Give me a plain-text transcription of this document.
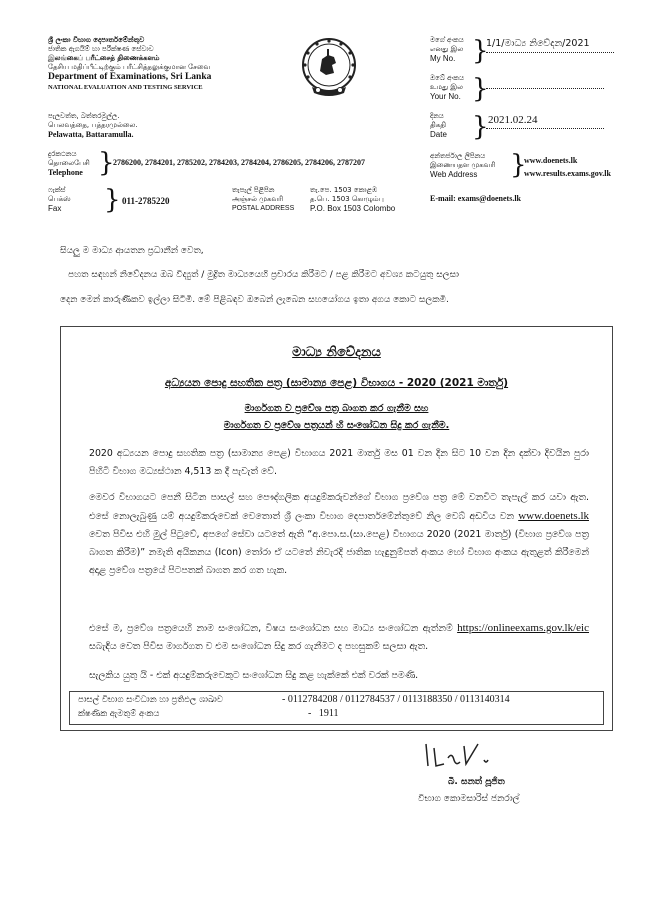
ශ්‍රී ලංකා විභාග දෙපාර්තමේන්තුව
ජාතික ඇගයීම් හා පරීක්ෂණ සේවාව
இலங்கைப் பரீட்சைத் திணைக்களம்
தேசிய மதிப்பீட்டிற்கும் பரீட்சித்தலுக்குமான சேவை
Department of Examinations, Sri Lanka
NATIONAL EVALUATION AND TESTING SERVICE
පැලවත්ත, බත්තරමුල්ල.
பெலவத்தை, பத்தரமுல்லை.
Pelawatta, Battaramulla.
මගේ අංකය
எனது இல
My No. }
1/1/මාධ්‍ය නිවේදන/2021
ඔබේ අංකය
உமது இல
Your No. }
දිනය
திகதி
Date } 2021.02.24
දුරකථනය
தொலைபேசி
Telephone }
2786200, 2784201, 2785202, 2784203, 2784204, 2786205, 2784206, 2787207
අන්තර්ජාල ලිපිනය
இணையதள முகவரி
Web Address	}
www.doenets.lk
www.results.exams.gov.lk
E-mail: exams@doenets.lk
ෆැක්ස්
பெக்ஸ்
Fax	} 011-2785220
තැපැල් පිළිපින
அஞ்சல் முகவரி
POSTAL ADDRESS
තැ.පෙ. 1503 කොළඹ
த.பெ. 1503 கொழும்பு
P.O. Box 1503 Colombo
සියලු ම මාධ්‍ය ආයතන ප්‍රධානීන් වෙත,
පහත සඳහන් නිවේදනය ඔබ විද්‍යුත් / මුද්‍රිත මාධ්‍යයෙහි ප්‍රචාරය කිරීමට / පළ කිරීමට අවශ්‍ය කටයුතු සලසා
දෙන මෙන් කාරුණිකව ඉල්ලා සිටිමි. මේ පිළිබඳව ඔබෙන් ලැබෙන සහයෝගය ඉතා අගය කොට සලකමි.
මාධ්‍ය නිවේදනය
අධ්‍යයන පොදු සහතික පත්‍ර (සාමාන්‍ය පෙළ) විභාගය - 2020 (2021 මාර්තු)
මාර්ගගත ව ප්‍රවේශ පත්‍ර බාගත කර ගැනීම සහ
මාර්ගගත ව ප්‍රවේශ පත්‍රයන් හි සංශෝධන සිදු කර ගැනීම.
2020 අධ්‍යයන පොදු සහතික පත්‍ර (සාමාන්‍ය පෙළ) විභාගය 2021 මාර්තු මස 01 වන දින සිට 10 වන දින දක්වා දිවයින පුරා පිහිටි විභාග මධ්‍යස්ථාන 4,513 ක දී පැවැත් වේ.
මෙවර විභාගයට පෙනී සිටින පාසල් සහ පෞද්ගලික අයදුම්කරුවන්ගේ විභාග ප්‍රවේශ පත්‍ර මේ වනවිට තැපැල් කර යවා ඇත. එසේ නොලැබුණු යම් අයදුම්කරුවෙක් වෙතොත් ශ්‍රී ලංකා විභාග දෙපාර්තමේන්තුවේ නිල වෙබ් අඩවිය වන www.doenets.lk වෙත පිවිස එහි මුල් පිටුවේ, අපගේ සේවා යටතේ ඇති “අ.පො.ස.(සා.පෙළ) විභාගය 2020 (2021 මාර්තු) (විභාග ප්‍රවේශ පත්‍ර බාගත කිරීම)” නමැති අයිකනය (Icon) තෝරා ඒ යටතේ නිවැරදි ජාතික හැඳුනුම්පත් අංකය හෝ විභාග අංකය ඇතුළත් කිරීමෙන් අදාළ ප්‍රවේශ පත්‍රයේ පිටපතක් බාගත කර ගත හැක.
එසේ ම, ප්‍රවේශ පත්‍රයෙහි නාම සංශෝධන, විෂය සංශෝධන සහ මාධ්‍ය සංශෝධන ඇත්නම් https://onlineexams.gov.lk/eic සබැඳිය වෙත පිවිස මාර්ගගත ව එම සංශෝධන සිදු කර ගැනීමට ද පහසුකම් සලසා ඇත.
සැලකිය යුතු යි - එක් අයදුම්කරුවෙකුට සංශෝධන සිදු කළ හැක්කේ එක් වරක් පමණි.
පාසල් විභාග සංවිධාන හා ප්‍රතිඵල ශාඛාව	- 0112784208 / 0112784537 / 0113188350 / 0113140314
ක්ෂණික ඇමතුම් අංකය	-   1911
බී. සනත් පූජිත
විභාග කොමසාරිස් ජනරාල්
